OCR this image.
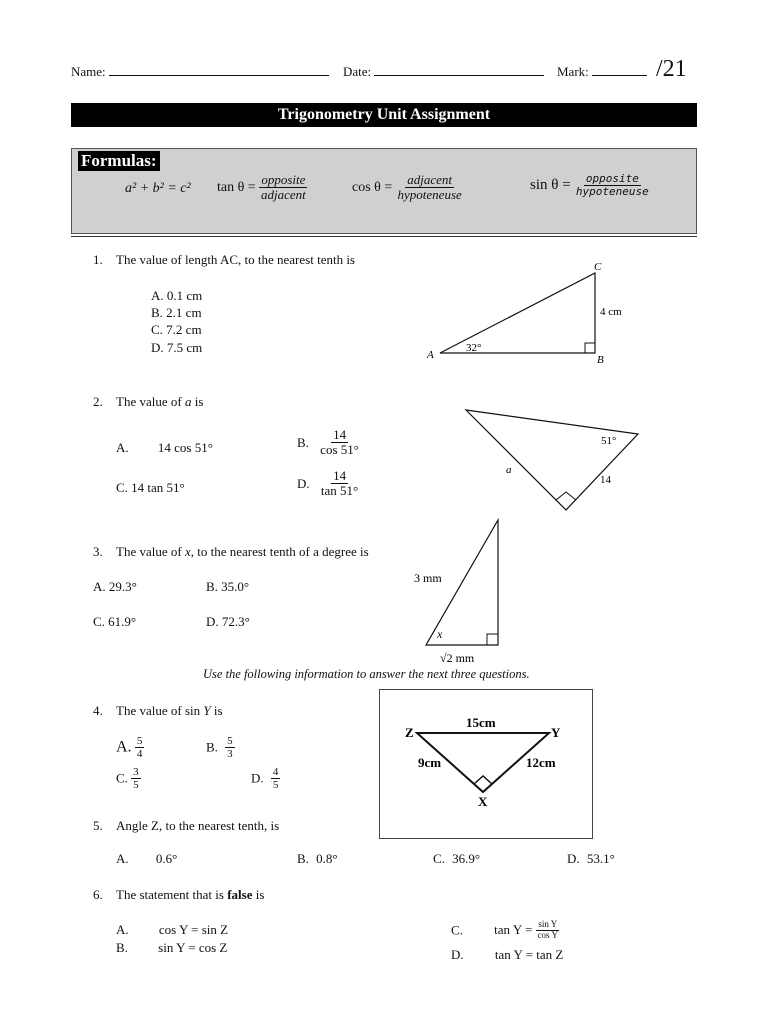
Name:	Date:	Mark:	/21
Trigonometry Unit Assignment
Formulas:
a² + b² = c² $\tan \theta = \frac{\text{opposite}}{\text{adjacent}}$	$\cos \theta = \frac{\text{adjacent}}{\text{hypoteneuse}}$	$\sin \theta = \frac{\text{opposite}}{\text{hypoteneuse}}$
1. The value of length AC, to the nearest tenth is
A. 0.1 cm
B. 2.1 cm
C. 7.2 cm
D. 7.5 cm
C
A	B
4 cm
32°
2. The value of a is
A. 14 cos 51°	B. $\frac{14}{\cos 51^\circ}$
C. 14 tan 51°	D. $\frac{14}{\tan 51^\circ}$
51°
14
a
3. The value of x, to the nearest tenth of a degree is
A. 29.3°	B. 35.0°
C. 61.9°	D. 72.3°
3 mm
x
√2 mm
Use the following information to answer the next three questions.
Z	Y
X
15cm
9cm	12cm
4. The value of sin Y is
A. $\frac{5}{4}$	B. $\frac{5}{3}$
C. $\frac{3}{5}$	D. $\frac{4}{5}$
5. Angle Z, to the nearest tenth, is
A. 0.6°	B. 0.8°	C. 36.9°	D. 53.1°
6. The statement that is false is
A. cos Y = sin Z
B. sin Y = cos Z
C. $\tan Y = \frac{\text{sin Y}}{\text{cos Y}}$
D. tan Y = tan Z
